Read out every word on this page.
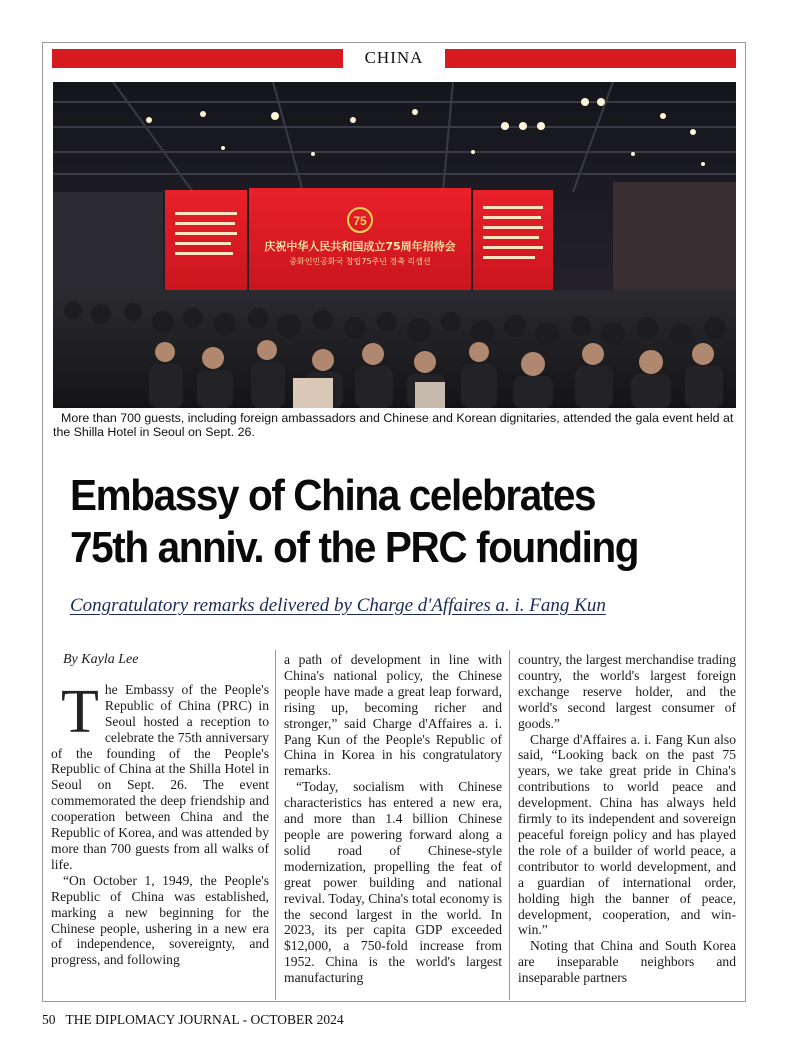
CHINA
75
庆祝中华人民共和国成立75周年招待会
중화인민공화국 창립75주년 경축 리셉션
More than 700 guests, including foreign ambassadors and Chinese and Korean dignitaries, attended the gala event held at the Shilla Hotel in Seoul on Sept. 26.
Embassy of China celebrates
75th anniv. of the PRC founding
Congratulatory remarks delivered by Charge d'Affaires a. i. Fang Kun

By Kayla Lee

The Embassy of the People's Republic of China (PRC) in Seoul hosted a reception to celebrate the 75th anniversary of the founding of the People's Republic of China at the Shilla Hotel in Seoul on Sept. 26. The event commemorated the deep friendship and cooperation between China and the Republic of Korea, and was attended by more than 700 guests from all walks of life.

“On October 1, 1949, the People's Republic of China was established, marking a new beginning for the Chinese people, ushering in a new era of independence, sovereignty, and progress, and following

a path of development in line with China's national policy, the Chinese people have made a great leap forward, rising up, becoming richer and stronger,” said Charge d'Affaires a. i. Pang Kun of the People's Republic of China in Korea in his congratulatory remarks.

“Today, socialism with Chinese characteristics has entered a new era, and more than 1.4 billion Chinese people are powering forward along a solid road of Chinese-style modernization, propelling the feat of great power building and national revival. Today, China's total economy is the second largest in the world. In 2023, its per capita GDP exceeded $12,000, a 750-fold increase from 1952. China is the world's largest manufacturing

country, the largest merchandise trading country, the world's largest foreign exchange reserve holder, and the world's second largest consumer of goods.”

Charge d'Affaires a. i. Fang Kun also said, “Looking back on the past 75 years, we take great pride in China's contributions to world peace and development. China has always held firmly to its independent and sovereign peaceful foreign policy and has played the role of a builder of world peace, a contributor to world development, and a guardian of international order, holding high the banner of peace, development, cooperation, and win-win.”

Noting that China and South Korea are inseparable neighbors and inseparable partners

50 THE DIPLOMACY JOURNAL - OCTOBER 2024
